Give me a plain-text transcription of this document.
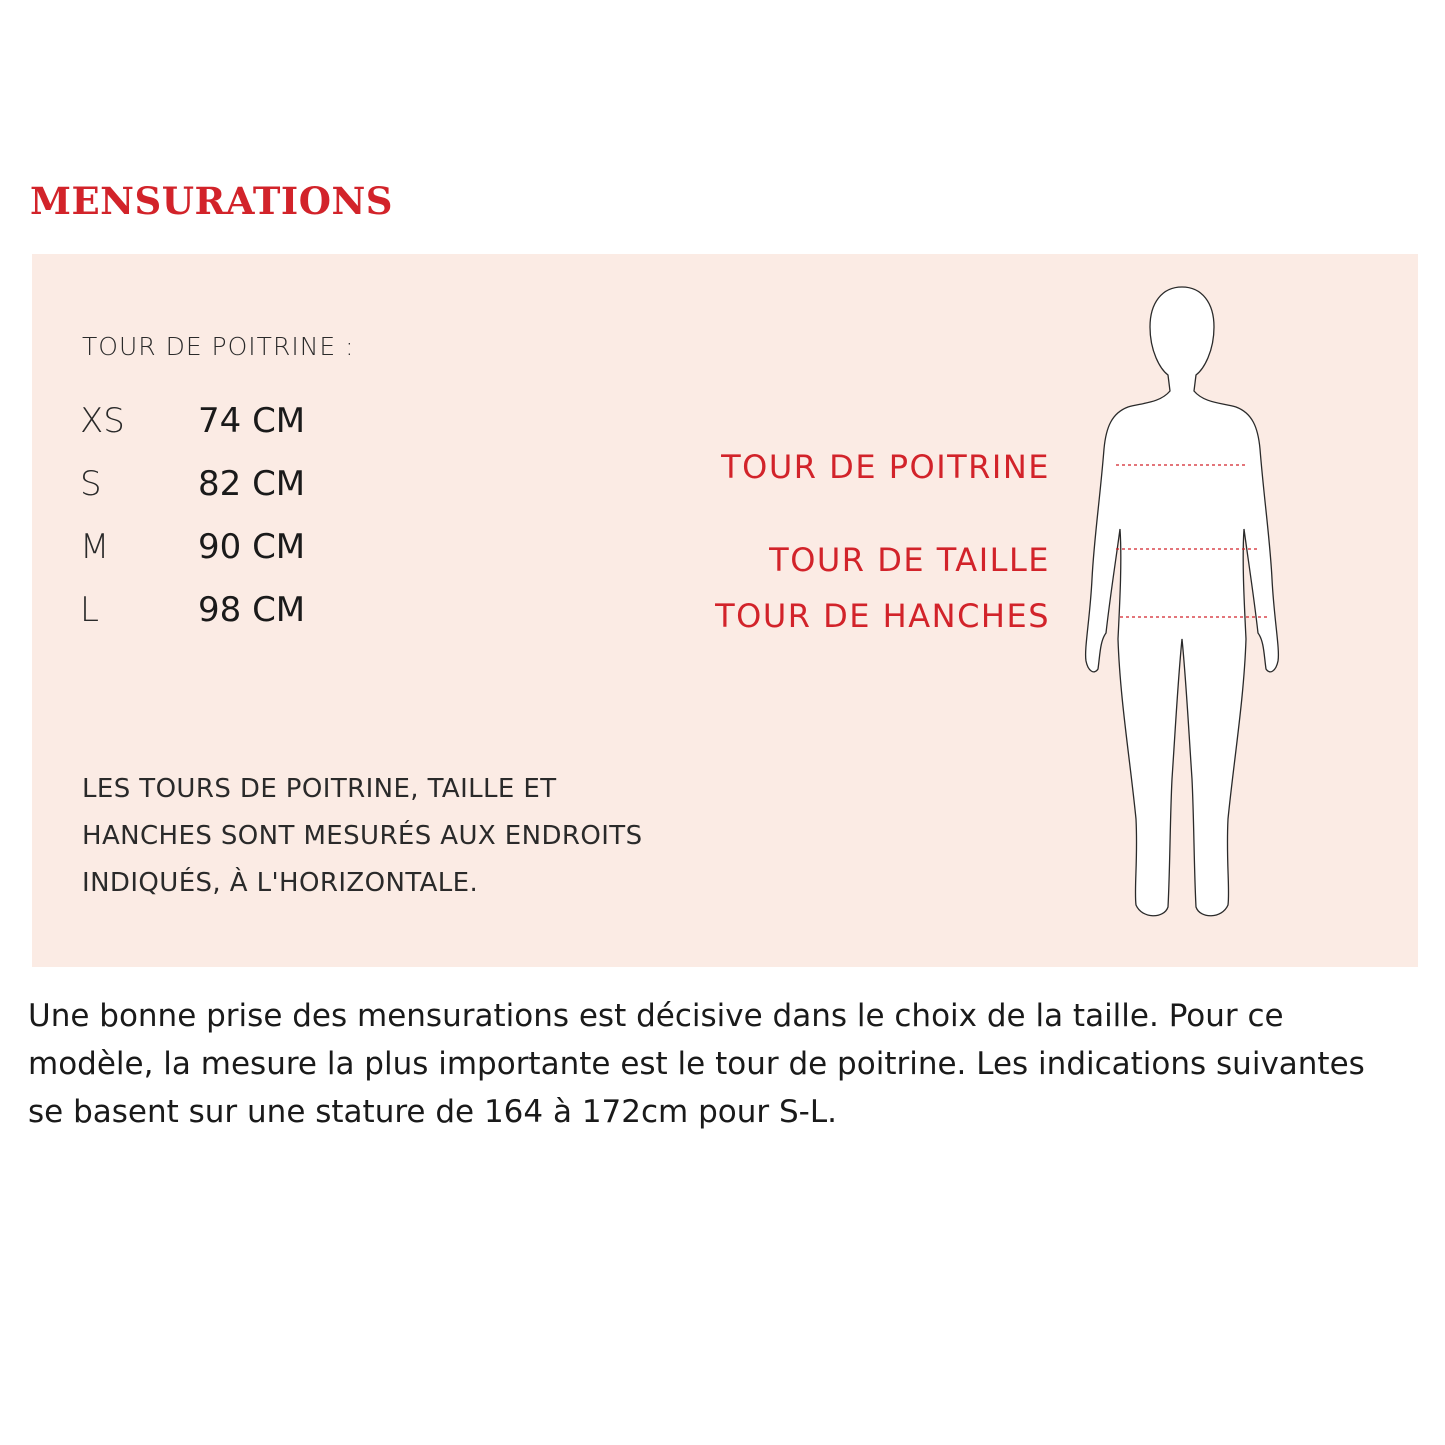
MENSURATIONS
TOUR DE POITRINE :
XS 74 CM
S	82 CM
M	90 CM
L	98 CM
LES TOURS DE POITRINE, TAILLE ET
HANCHES SONT MESURÉS AUX ENDROITS
INDIQUÉS, À L'HORIZONTALE.
TOUR DE POITRINE
TOUR DE TAILLE
TOUR DE HANCHES
Une bonne prise des mensurations est décisive dans le choix de la taille. Pour ce
modèle, la mesure la plus importante est le tour de poitrine. Les indications suivantes
se basent sur une stature de 164 à 172cm pour S-L.
